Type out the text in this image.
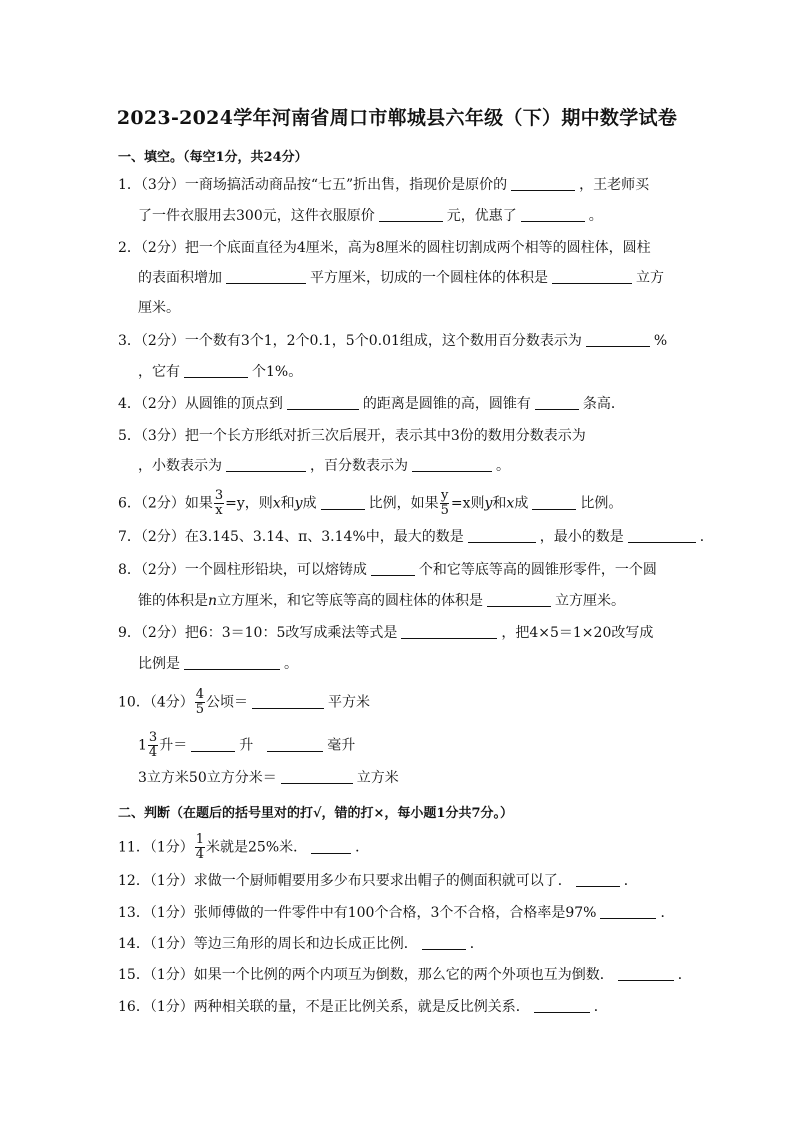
2023-2024学年河南省周口市郸城县六年级（下）期中数学试卷
一、填空。（每空1分，共24分）
1．（3分）一商场搞活动商品按“七五”折出售，指现价是原价的	，王老师买
了一件衣服用去300元，这件衣服原价	元，优惠了	。
2．（2分）把一个底面直径为4厘米，高为8厘米的圆柱切割成两个相等的圆柱体，圆柱
的表面积增加	平方厘米，切成的一个圆柱体的体积是	立方
厘米。
3．（2分）一个数有3个1，2个0.1，5个0.01组成，这个数用百分数表示为	%
，它有	个1%。
4．（2分）从圆锥的顶点到	的距离是圆锥的高，圆锥有	条高．
5．（3分）把一个长方形纸对折三次后展开，表示其中3份的数用分数表示为
，小数表示为	，百分数表示为	。
6．（2分）如果 $\frac{3}{x} =y$，则x和y成	比例，如果 $\frac{y}{5} =x$则y和x成	比例。
7．（2分）在3.145、3.14、π、3.14%中，最大的数是	，最小的数是	．
8．（2分）一个圆柱形铅块，可以熔铸成	个和它等底等高的圆锥形零件，一个圆
锥的体积是n立方厘米，和它等底等高的圆柱体的体积是	立方厘米。
9．（2分）把6：3＝10：5改写成乘法等式是	，把4×5＝1×20改写成
比例是	。
10．（4分） $\frac{4}{5}$ 公顷＝	平方米
$1 \frac{3}{4}$ 升＝	升	毫升
3立方米50立方分米＝	立方米
二、判断（在题后的括号里对的打√，错的打×，每小题1分共7分。）
11．（1分） $\frac{1}{4}$ 米就是25%米．	．
12．（1分）求做一个厨师帽要用多少布只要求出帽子的侧面积就可以了．	．
13．（1分）张师傅做的一件零件中有100个合格，3个不合格，合格率是97%	．
14．（1分）等边三角形的周长和边长成正比例．	．
15．（1分）如果一个比例的两个内项互为倒数，那么它的两个外项也互为倒数．	．
16．（1分）两种相关联的量，不是正比例关系，就是反比例关系．	．
